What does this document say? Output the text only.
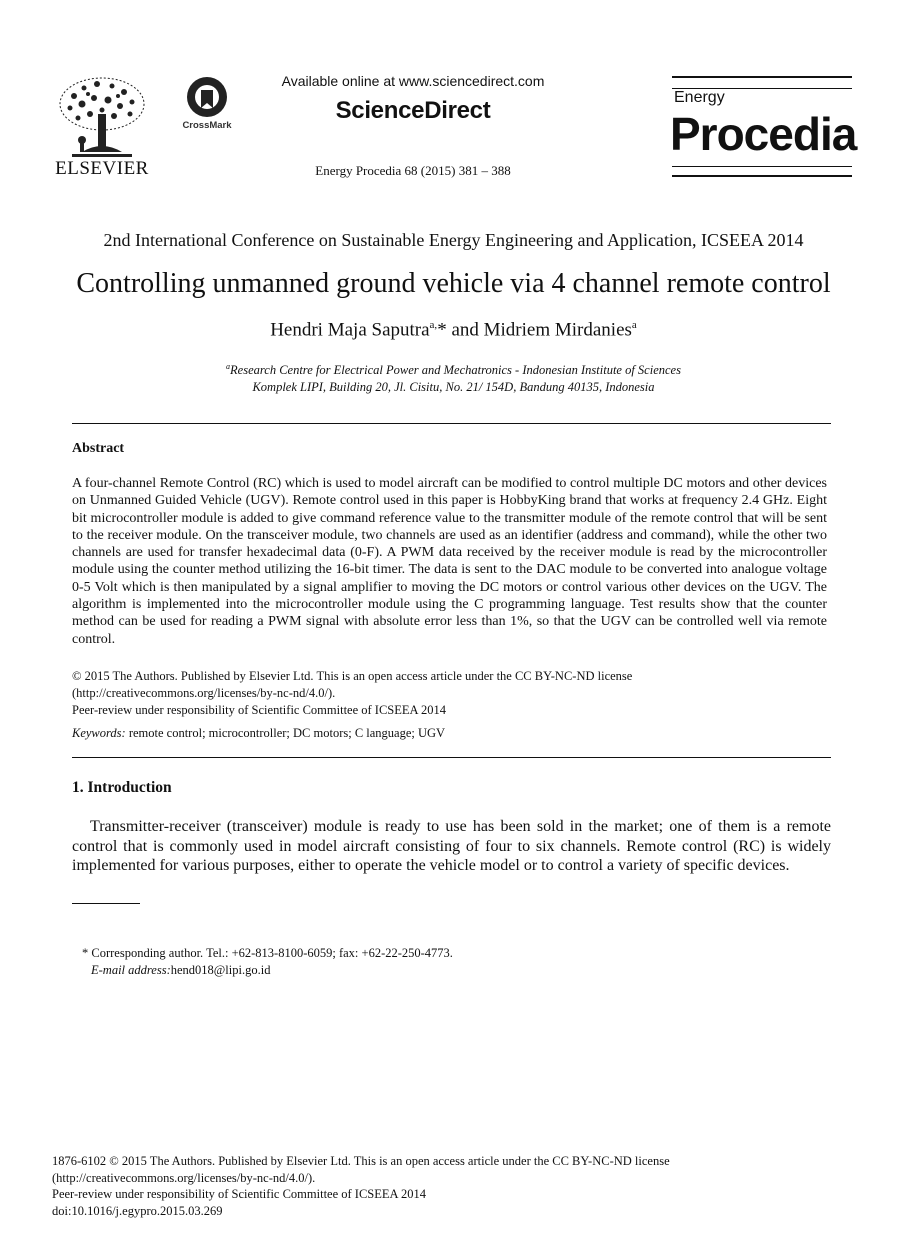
ELSEVIER
CrossMark
Available online at www.sciencedirect.com
ScienceDirect
Energy Procedia 68 (2015) 381 – 388
Energy
Procedia
2nd International Conference on Sustainable Energy Engineering and Application, ICSEEA 2014
Controlling unmanned ground vehicle via 4 channel remote control
Hendri Maja Saputra$^{a,}$* and Midriem Mirdanies$^a$
$^a$Research Centre for Electrical Power and Mechatronics - Indonesian Institute of Sciences
Komplek LIPI, Building 20, Jl. Cisitu, No. 21/ 154D, Bandung 40135, Indonesia
Abstract
A four-channel Remote Control (RC) which is used to model aircraft can be modified to control multiple DC motors and other devices on Unmanned Guided Vehicle (UGV). Remote control used in this paper is HobbyKing brand that works at frequency 2.4 GHz. Eight bit microcontroller module is added to give command reference value to the transmitter module of the remote control that will be sent to the receiver module. On the transceiver module, two channels are used as an identifier (address and command), while the other two channels are used for transfer hexadecimal data (0-F). A PWM data received by the receiver module is read by the microcontroller module using the counter method utilizing the 16-bit timer. The data is sent to the DAC module to be converted into analogue voltage 0-5 Volt which is then manipulated by a signal amplifier to moving the DC motors or control various other devices on the UGV. The algorithm is implemented into the microcontroller module using the C programming language. Test results show that the counter method can be used for reading a PWM signal with absolute error less than 1%, so that the UGV can be controlled well via remote control.
© 2015 The Authors. Published by Elsevier Ltd. This is an open access article under the CC BY-NC-ND license
(http://creativecommons.org/licenses/by-nc-nd/4.0/).
Peer-review under responsibility of Scientific Committee of ICSEEA 2014
Keywords: remote control; microcontroller; DC motors; C language; UGV
1. Introduction
Transmitter-receiver (transceiver) module is ready to use has been sold in the market; one of them is a remote control that is commonly used in model aircraft consisting of four to six channels. Remote control (RC) is widely implemented for various purposes, either to operate the vehicle model or to control a variety of specific devices.
* Corresponding author. Tel.: +62-813-8100-6059; fax: +62-22-250-4773.
E-mail address:hend018@lipi.go.id
1876-6102 © 2015 The Authors. Published by Elsevier Ltd. This is an open access article under the CC BY-NC-ND license
(http://creativecommons.org/licenses/by-nc-nd/4.0/).
Peer-review under responsibility of Scientific Committee of ICSEEA 2014
doi:10.1016/j.egypro.2015.03.269
